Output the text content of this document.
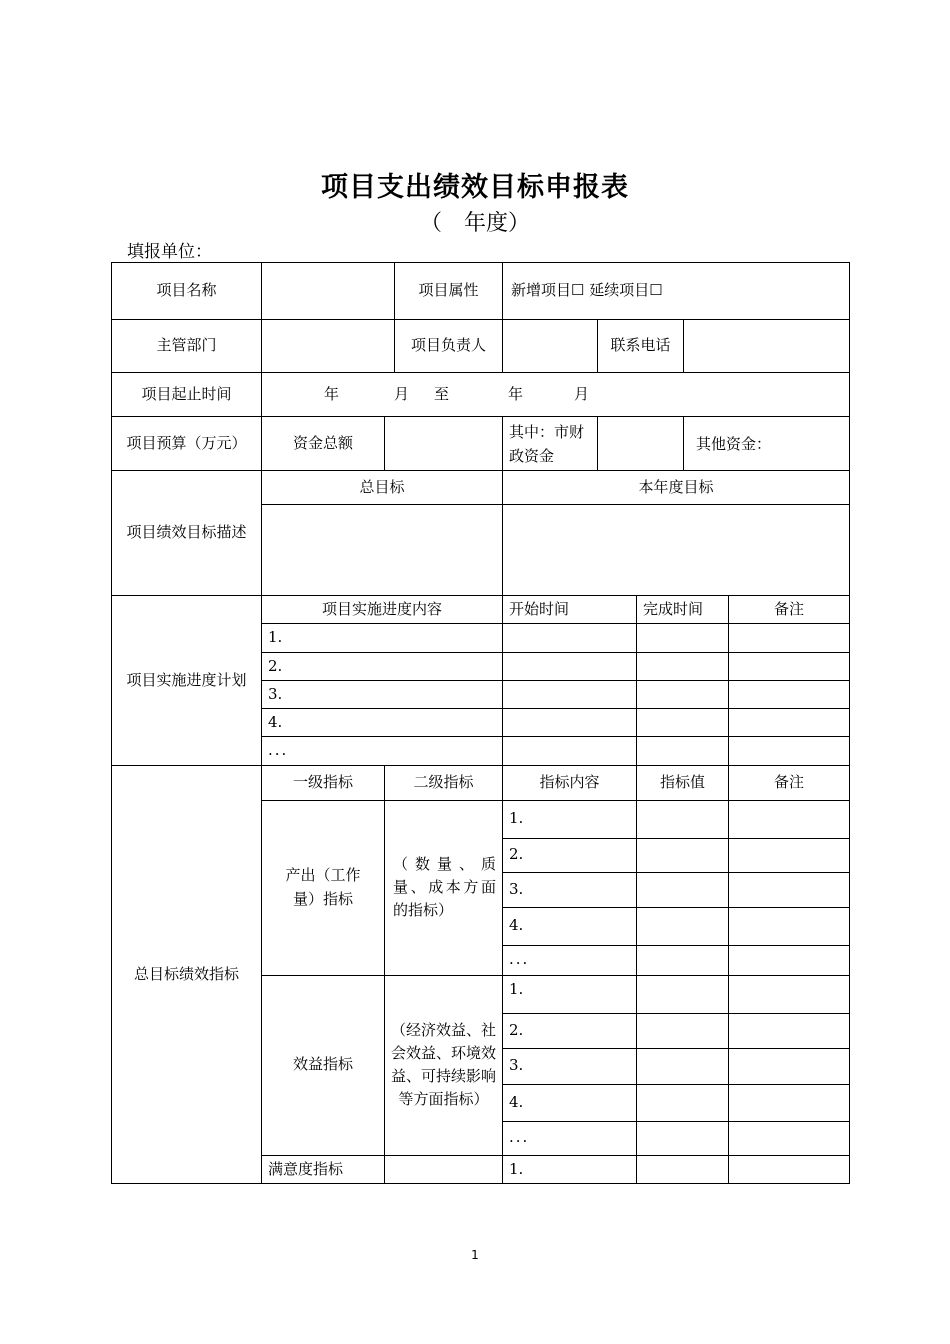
项目支出绩效目标申报表
（　年度）
填报单位：
项目名称			项目属性	新增项目☐ 延续项目☐				
主管部门			项目负责人		联系电话			
项目起止时间	年 月 至 年 月							
项目预算（万元）	资金总额			其中：市财政资金			其他资金：	
项目绩效目标描述	总目标			本年度目标				

项目实施进度计划	项目实施进度内容			开始时间		完成时间		备注
	1.							
	2.							
	3.							
	4.							
	...							
总目标绩效指标	一级指标	二级指标		指标内容		指标值		备注
	产出（工作量）指标	（数量、质量、成本方面的指标）		1.				
				2.				
				3.				
				4.				
				...				
	效益指标	（经济效益、社会效益、环境效益、可持续影响等方面指标）		1.				
				2.				
				3.				
				4.				
				...				
	满意度指标			1.				
1
